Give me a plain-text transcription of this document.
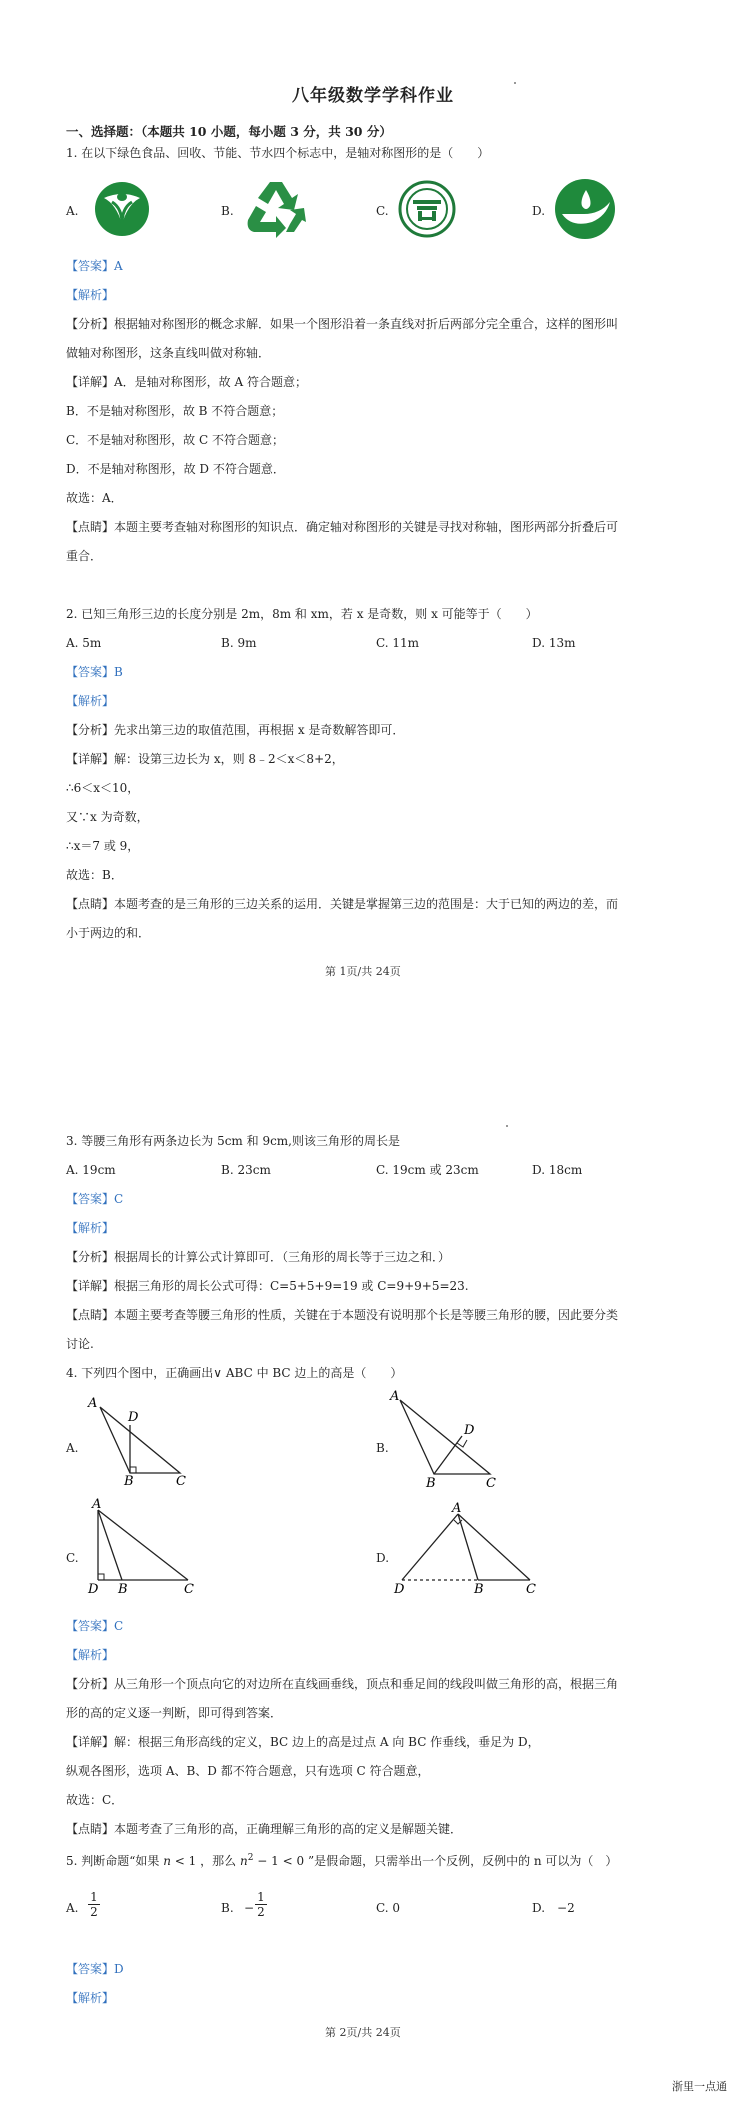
八年级数学学科作业
一、选择题：（本题共 10 小题，每小题 3 分，共 30 分）
1. 在以下绿色食品、回收、节能、节水四个标志中，是轴对称图形的是（　　）
A.	B.	C.	D.
【答案】A
【解析】
【分析】根据轴对称图形的概念求解．如果一个图形沿着一条直线对折后两部分完全重合，这样的图形叫
做轴对称图形，这条直线叫做对称轴．
【详解】A．是轴对称图形，故 A 符合题意；
B．不是轴对称图形，故 B 不符合题意；
C．不是轴对称图形，故 C 不符合题意；
D．不是轴对称图形，故 D 不符合题意．
故选：A．
【点睛】本题主要考查轴对称图形的知识点．确定轴对称图形的关键是寻找对称轴，图形两部分折叠后可
重合．
2. 已知三角形三边的长度分别是 2m，8m 和 xm，若 x 是奇数，则 x 可能等于（　　）
A. 5m	B. 9m	C. 11m	D. 13m
【答案】B
【解析】
【分析】先求出第三边的取值范围，再根据 x 是奇数解答即可．
【详解】解：设第三边长为 x，则 8﹣2＜x＜8+2，
∴6＜x＜10，
又∵x 为奇数，
∴x＝7 或 9，
故选：B．
【点睛】本题考查的是三角形的三边关系的运用．关键是掌握第三边的范围是：大于已知的两边的差，而
小于两边的和．
第 1页/共 24页
3. 等腰三角形有两条边长为 5cm 和 9cm,则该三角形的周长是
A. 19cm	B. 23cm	C. 19cm 或 23cm	D. 18cm
【答案】C
【解析】
【分析】根据周长的计算公式计算即可．（三角形的周长等于三边之和．）
【详解】根据三角形的周长公式可得：C=5+5+9=19 或 C=9+9+5=23.
【点睛】本题主要考查等腰三角形的性质，关键在于本题没有说明那个长是等腰三角形的腰，因此要分类
讨论.
4. 下列四个图中，正确画出∨ ABC 中 BC 边上的高是（　　）
A.
A
B	C
D
B.
A
B	C
D
C.
A
D B	C
D.
A
D	B	C
【答案】C
【解析】
【分析】从三角形一个顶点向它的对边所在直线画垂线，顶点和垂足间的线段叫做三角形的高，根据三角
形的高的定义逐一判断，即可得到答案．
【详解】解：根据三角形高线的定义，BC 边上的高是过点 A 向 BC 作垂线，垂足为 D，
纵观各图形，选项 A、B、D 都不符合题意，只有选项 C 符合题意，
故选：C．
【点睛】本题考查了三角形的高，正确理解三角形的高的定义是解题关键．
5. 判断命题“如果 n < 1 ，那么 $n^2 - 1 < 0$ ”是假命题，只需举出一个反例，反例中的 n 可以为（　）
A. $\frac{1}{2}$	B. − $\frac{1}{2}$	C. 0	D.　−2
【答案】D
【解析】
第 2页/共 24页
浙里一点通
